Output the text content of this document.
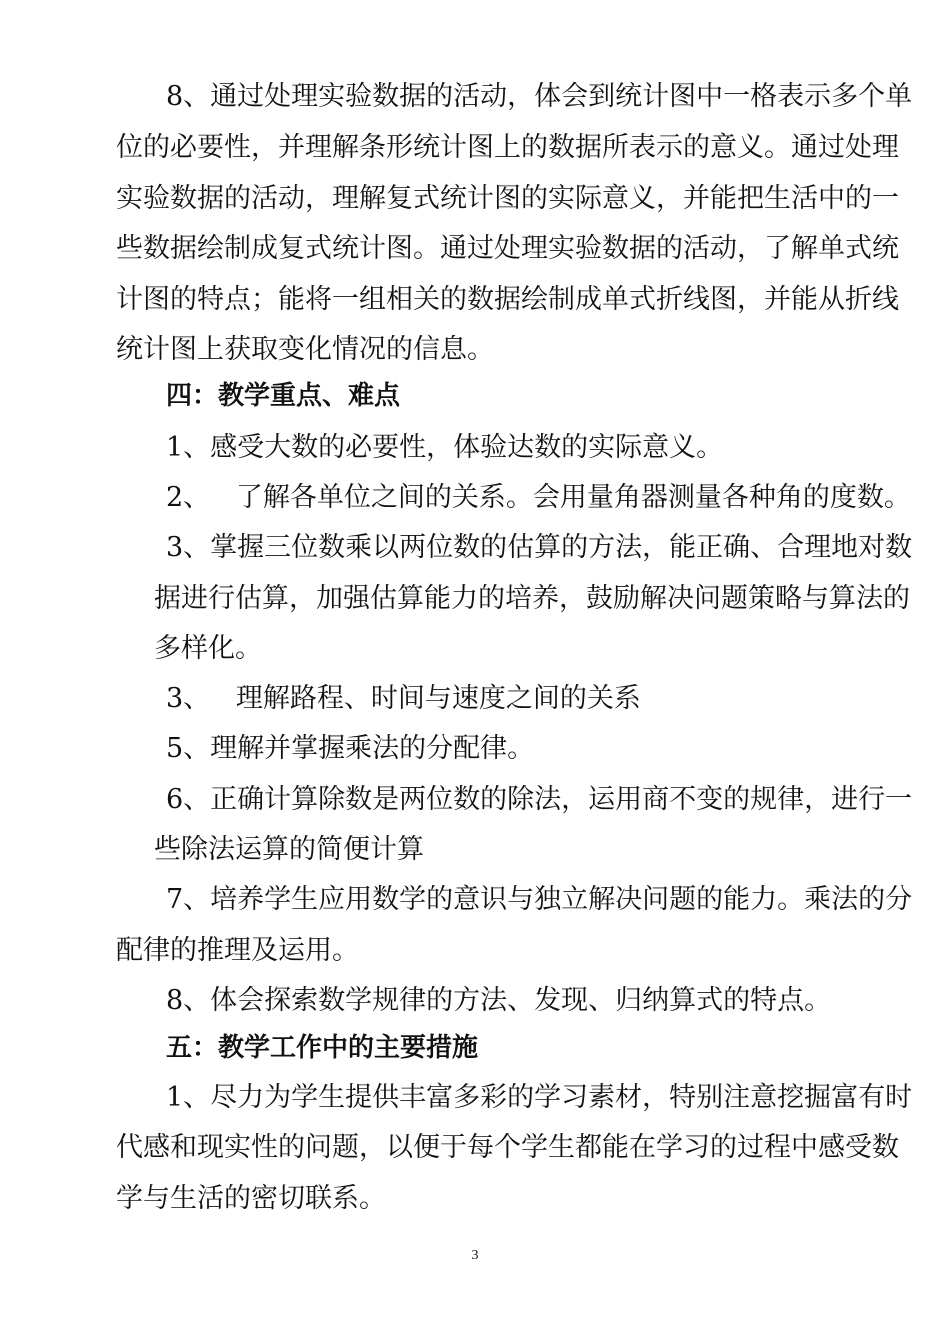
8、通过处理实验数据的活动，体会到统计图中一格表示多个单
位的必要性，并理解条形统计图上的数据所表示的意义。通过处理
实验数据的活动，理解复式统计图的实际意义，并能把生活中的一
些数据绘制成复式统计图。通过处理实验数据的活动，了解单式统
计图的特点；能将一组相关的数据绘制成单式折线图，并能从折线
统计图上获取变化情况的信息。
四：教学重点、难点
1、感受大数的必要性，体验达数的实际意义。
2、   了解各单位之间的关系。会用量角器测量各种角的度数。
3、掌握三位数乘以两位数的估算的方法，能正确、合理地对数
据进行估算，加强估算能力的培养，鼓励解决问题策略与算法的
多样化。
3、   理解路程、时间与速度之间的关系
5、理解并掌握乘法的分配律。
6、正确计算除数是两位数的除法，运用商不变的规律，进行一
些除法运算的简便计算
7、培养学生应用数学的意识与独立解决问题的能力。乘法的分
配律的推理及运用。
8、体会探索数学规律的方法、发现、归纳算式的特点。
五：教学工作中的主要措施
1、尽力为学生提供丰富多彩的学习素材，特别注意挖掘富有时
代感和现实性的问题，以便于每个学生都能在学习的过程中感受数
学与生活的密切联系。
3
